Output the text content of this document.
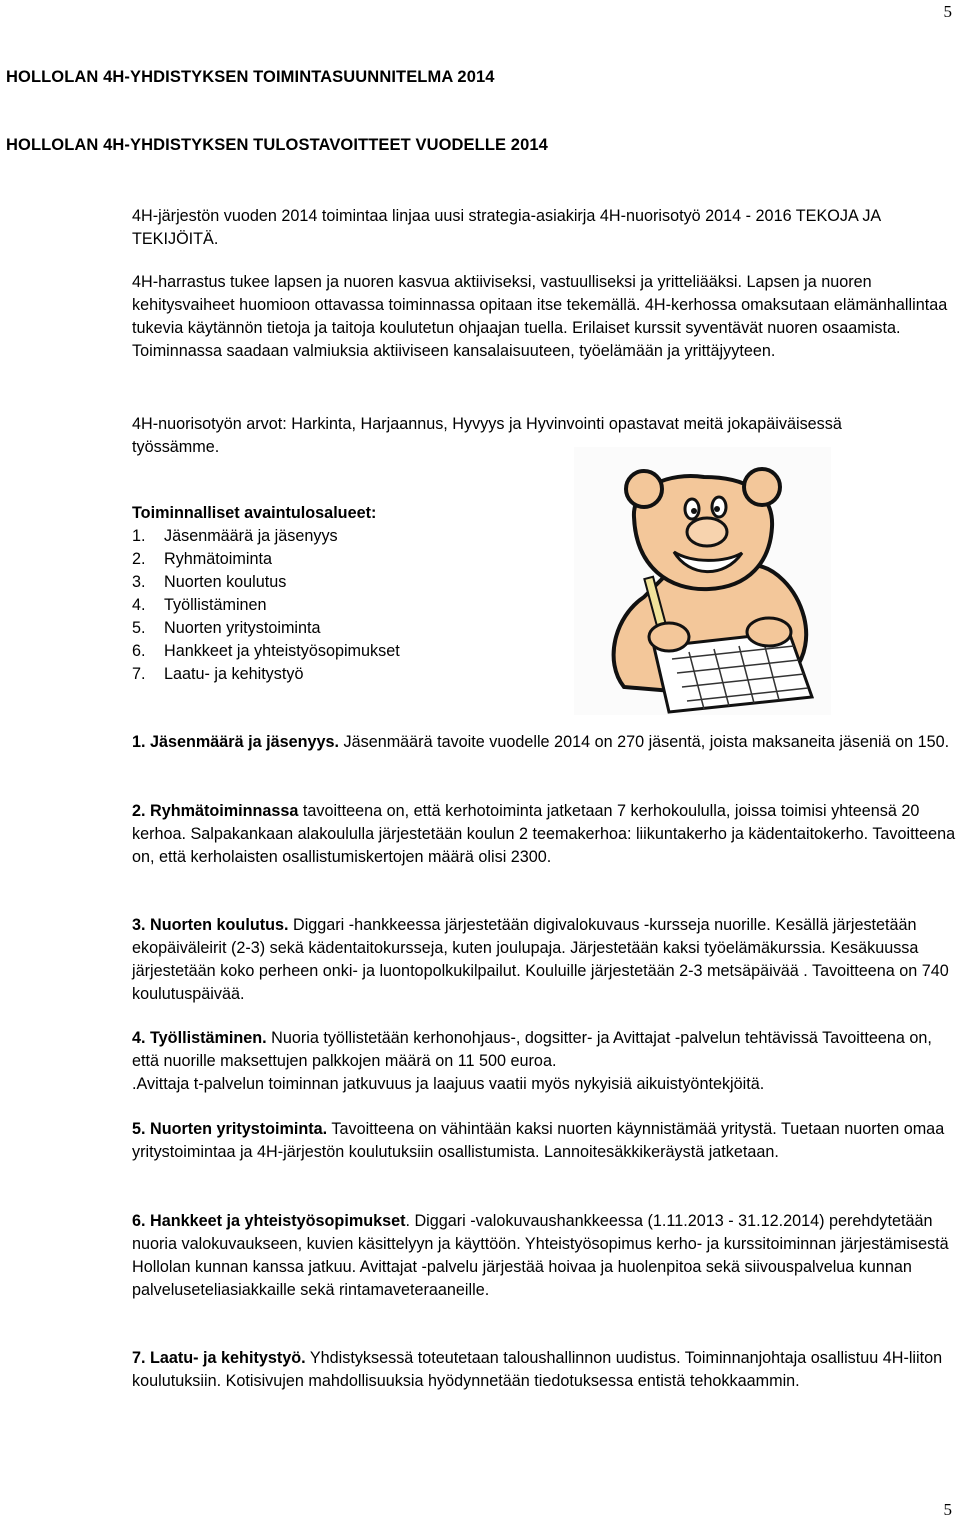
5
HOLLOLAN 4H-YHDISTYKSEN TOIMINTASUUNNITELMA 2014
HOLLOLAN 4H-YHDISTYKSEN TULOSTAVOITTEET VUODELLE 2014

4H-järjestön vuoden 2014 toimintaa linjaa uusi strategia-asiakirja 4H-nuorisotyö 2014 - 2016 TEKOJA JA TEKIJÖITÄ.

4H-harrastus tukee lapsen ja nuoren kasvua aktiiviseksi, vastuulliseksi ja yritteliääksi. Lapsen ja nuoren kehitysvaiheet huomioon ottavassa toiminnassa opitaan itse tekemällä. 4H-kerhossa omaksutaan elämänhallintaa tukevia käytännön tietoja ja taitoja koulutetun ohjaajan tuella. Erilaiset kurssit syventävät nuoren osaamista. Toiminnassa saadaan valmiuksia aktiiviseen kansalaisuuteen, työelämään ja yrittäjyyteen.

4H-nuorisotyön arvot: Harkinta, Harjaannus, Hyvyys ja Hyvinvointi opastavat meitä jokapäiväisessä työssämme.

Toiminnalliset avaintulosalueet:
1.	Jäsenmäärä ja jäsenyys
2.	Ryhmätoiminta
3.	Nuorten koulutus
4.	Työllistäminen
5.	Nuorten yritystoiminta
6.	Hankkeet ja yhteistyösopimukset
7.	Laatu- ja kehitystyö

1. Jäsenmäärä ja jäsenyys. Jäsenmäärä tavoite vuodelle 2014 on 270 jäsentä, joista maksaneita jäseniä on 150.

2. Ryhmätoiminnassa tavoitteena on, että kerhotoiminta jatketaan 7 kerhokoululla, joissa toimisi yhteensä 20 kerhoa. Salpakankaan alakoululla järjestetään koulun 2 teemakerhoa: liikuntakerho ja kädentaitokerho. Tavoitteena on, että kerholaisten osallistumiskertojen määrä olisi 2300.

3. Nuorten koulutus. Diggari -hankkeessa järjestetään digivalokuvaus -kursseja nuorille. Kesällä järjestetään ekopäiväleirit (2-3) sekä kädentaitokursseja, kuten joulupaja. Järjestetään kaksi työelämäkurssia. Kesäkuussa järjestetään koko perheen onki- ja luontopolkukilpailut. Kouluille järjestetään 2-3 metsäpäivää . Tavoitteena on 740 koulutuspäivää.

4. Työllistäminen. Nuoria työllistetään kerhonohjaus-, dogsitter- ja Avittajat -palvelun tehtävissä Tavoitteena on, että nuorille maksettujen palkkojen määrä on 11 500 euroa.

.Avittaja t-palvelun toiminnan jatkuvuus ja laajuus vaatii myös nykyisiä aikuistyöntekjöitä.

5. Nuorten yritystoiminta. Tavoitteena on vähintään kaksi nuorten käynnistämää yritystä. Tuetaan nuorten omaa yritystoimintaa ja 4H-järjestön koulutuksiin osallistumista. Lannoitesäkkikeräystä jatketaan.

6. Hankkeet ja yhteistyösopimukset. Diggari -valokuvaushankkeessa (1.11.2013 - 31.12.2014) perehdytetään nuoria valokuvaukseen, kuvien käsittelyyn ja käyttöön. Yhteistyösopimus kerho- ja kurssitoiminnan järjestämisestä Hollolan kunnan kanssa jatkuu. Avittajat -palvelu järjestää hoivaa ja huolenpitoa sekä siivouspalvelua kunnan palveluseteliasiakkaille sekä rintamaveteraaneille.

7. Laatu- ja kehitystyö. Yhdistyksessä toteutetaan taloushallinnon uudistus. Toiminnanjohtaja osallistuu 4H-liiton koulutuksiin. Kotisivujen mahdollisuuksia hyödynnetään tiedotuksessa entistä tehokkaammin.

5
